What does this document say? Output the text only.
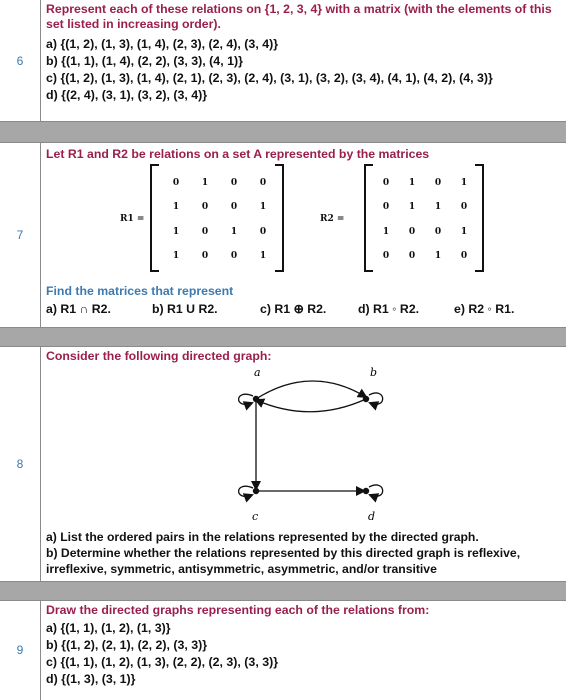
6
Represent each of these relations on {1, 2, 3, 4} with a matrix (with the elements of this set listed in increasing order).
a) {(1, 2), (1, 3), (1, 4), (2, 3), (2, 4), (3, 4)}
b) {(1, 1), (1, 4), (2, 2), (3, 3), (4, 1)}
c) {(1, 2), (1, 3), (1, 4), (2, 1), (2, 3), (2, 4), (3, 1), (3, 2), (3, 4), (4, 1), (4, 2), (4, 3)}
d) {(2, 4), (3, 1), (3, 2), (3, 4)}
7
Let R1 and R2 be relations on a set A represented by the matrices
R1 =
0	1	0	0
1	0	0	1
1	0	1	0
1	0	0	1
R2 =
0	1	0	1
0	1	1	0
1	0	0	1
0	0	1	0
Find the matrices that represent
a) R1 ∩ R2.	b) R1 U R2.	c) R1 ⊕ R2.	d) R1 ◦ R2.	e) R2 ◦ R1.
8
Consider the following directed graph:
a	b
c	d
a) List the ordered pairs in the relations represented by the directed graph.
b) Determine whether the relations represented by this directed graph is reflexive, irreflexive, symmetric, antisymmetric, asymmetric, and/or transitive
9
Draw the directed graphs representing each of the relations from:
a) {(1, 1), (1, 2), (1, 3)}
b) {(1, 2), (2, 1), (2, 2), (3, 3)}
c) {(1, 1), (1, 2), (1, 3), (2, 2), (2, 3), (3, 3)}
d) {(1, 3), (3, 1)}
